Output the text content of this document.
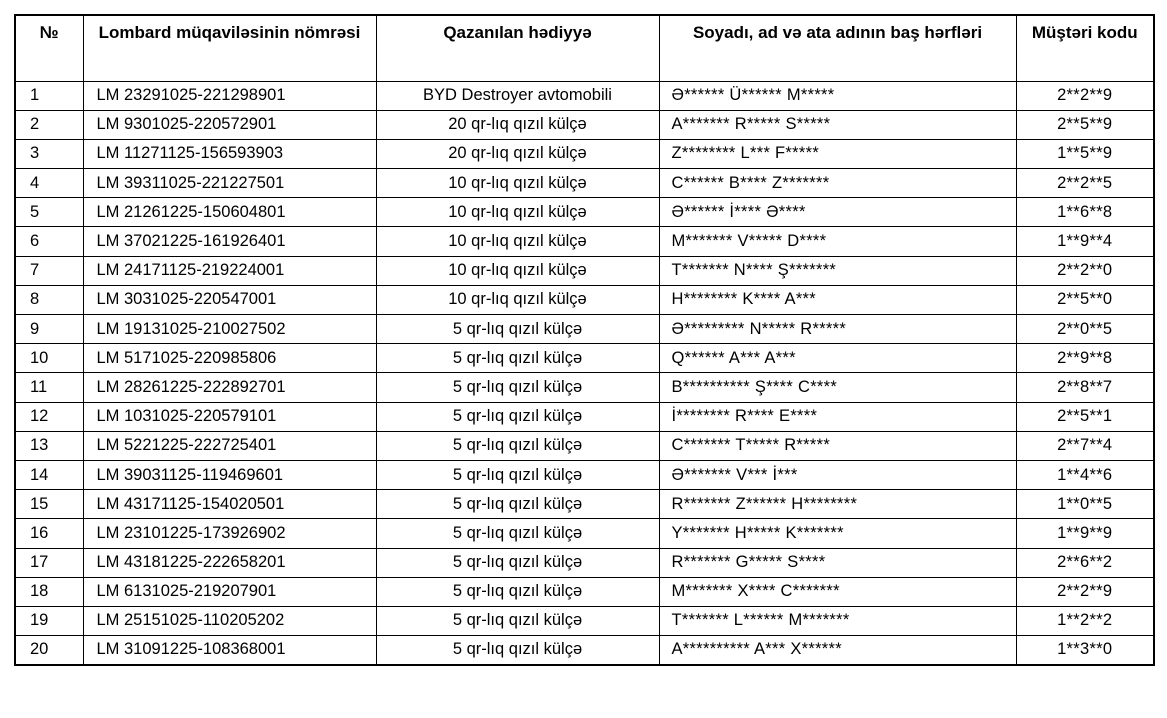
№	Lombard müqaviləsinin nömrəsi	Qazanılan hədiyyə	Soyadı, ad və ata adının baş hərfləri	Müştəri kodu
1	LM 23291025-221298901	BYD Destroyer avtomobili	Ə****** Ü****** M*****	2**2**9
2	LM 9301025-220572901	20 qr-lıq qızıl külçə	A******* R***** S*****	2**5**9
3	LM 11271125-156593903	20 qr-lıq qızıl külçə	Z******** L*** F*****	1**5**9
4	LM 39311025-221227501	10 qr-lıq qızıl külçə	C****** B**** Z*******	2**2**5
5	LM 21261225-150604801	10 qr-lıq qızıl külçə	Ə****** İ**** Ə****	1**6**8
6	LM 37021225-161926401	10 qr-lıq qızıl külçə	M******* V***** D****	1**9**4
7	LM 24171125-219224001	10 qr-lıq qızıl külçə	T******* N**** Ş*******	2**2**0
8	LM 3031025-220547001	10 qr-lıq qızıl külçə	H******** K**** A***	2**5**0
9	LM 19131025-210027502	5 qr-lıq qızıl külçə	Ə********* N***** R*****	2**0**5
10	LM 5171025-220985806	5 qr-lıq qızıl külçə	Q****** A*** A***	2**9**8
11	LM 28261225-222892701	5 qr-lıq qızıl külçə	B********** Ş**** C****	2**8**7
12	LM 1031025-220579101	5 qr-lıq qızıl külçə	İ******** R**** E****	2**5**1
13	LM 5221225-222725401	5 qr-lıq qızıl külçə	C******* T***** R*****	2**7**4
14	LM 39031125-119469601	5 qr-lıq qızıl külçə	Ə******* V*** İ***	1**4**6
15	LM 43171125-154020501	5 qr-lıq qızıl külçə	R******* Z****** H********	1**0**5
16	LM 23101225-173926902	5 qr-lıq qızıl külçə	Y******* H***** K*******	1**9**9
17	LM 43181225-222658201	5 qr-lıq qızıl külçə	R******* G***** S****	2**6**2
18	LM 6131025-219207901	5 qr-lıq qızıl külçə	M******* X**** C*******	2**2**9
19	LM 25151025-110205202	5 qr-lıq qızıl külçə	T******* L****** M*******	1**2**2
20	LM 31091225-108368001	5 qr-lıq qızıl külçə	A********** A*** X******	1**3**0
